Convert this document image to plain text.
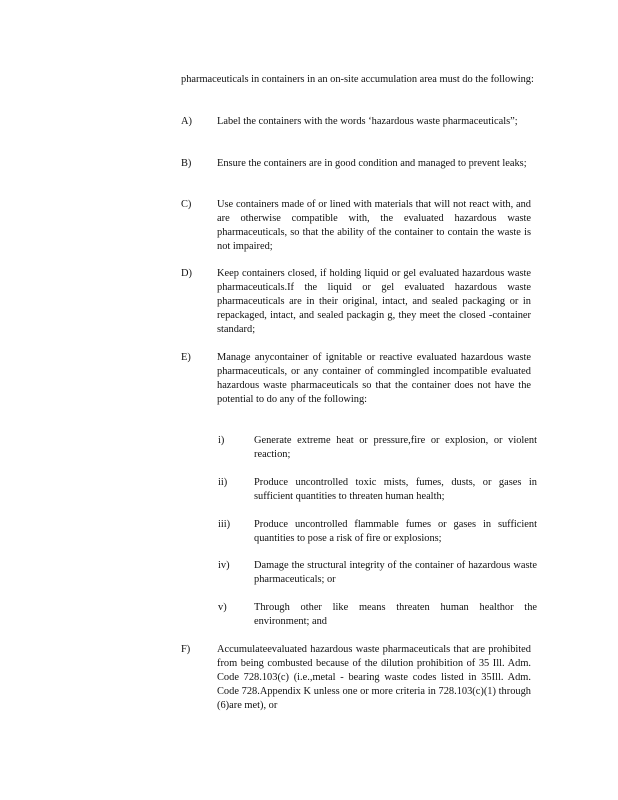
pharmaceuticals in containers in an on-site accumulation area must do the following:
A)	Label the containers with the words ‘hazardous waste pharmaceuticals”;
B)	Ensure the containers are in good condition and managed to prevent leaks;
C)	Use containers made of or lined with materials that will not react with, and are otherwise compatible with, the evaluated hazardous waste pharmaceuticals, so that the ability of the container to contain the waste is not impaired;
D)	Keep containers closed, if holding liquid or gel evaluated hazardous waste pharmaceuticals.If the liquid or gel evaluated hazardous waste pharmaceuticals are in their original, intact, and sealed packaging or in repackaged, intact, and sealed packagin g, they meet the closed -container standard;
E)	Manage anycontainer of ignitable or reactive evaluated hazardous waste pharmaceuticals, or any container of commingled incompatible evaluated hazardous waste pharmaceuticals so that the container does not have the potential to do any of the following:
i)	Generate extreme heat or pressure,fire or explosion, or violent reaction;
ii)	Produce uncontrolled toxic mists, fumes, dusts, or gases in sufficient quantities to threaten human health;
iii)	Produce uncontrolled flammable fumes or gases in sufficient quantities to pose a risk of fire or explosions;
iv)	Damage the structural integrity of the container of hazardous waste pharmaceuticals; or
v)	Through other like means threaten human healthor the environment; and
F)	Accumulateevaluated hazardous waste pharmaceuticals that are prohibited from being combusted because of the dilution prohibition of 35 Ill. Adm. Code 728.103(c) (i.e.,metal - bearing waste codes listed in 35Ill. Adm. Code 728.Appendix K unless one or more criteria in 728.103(c)(1) through (6)are met), or
